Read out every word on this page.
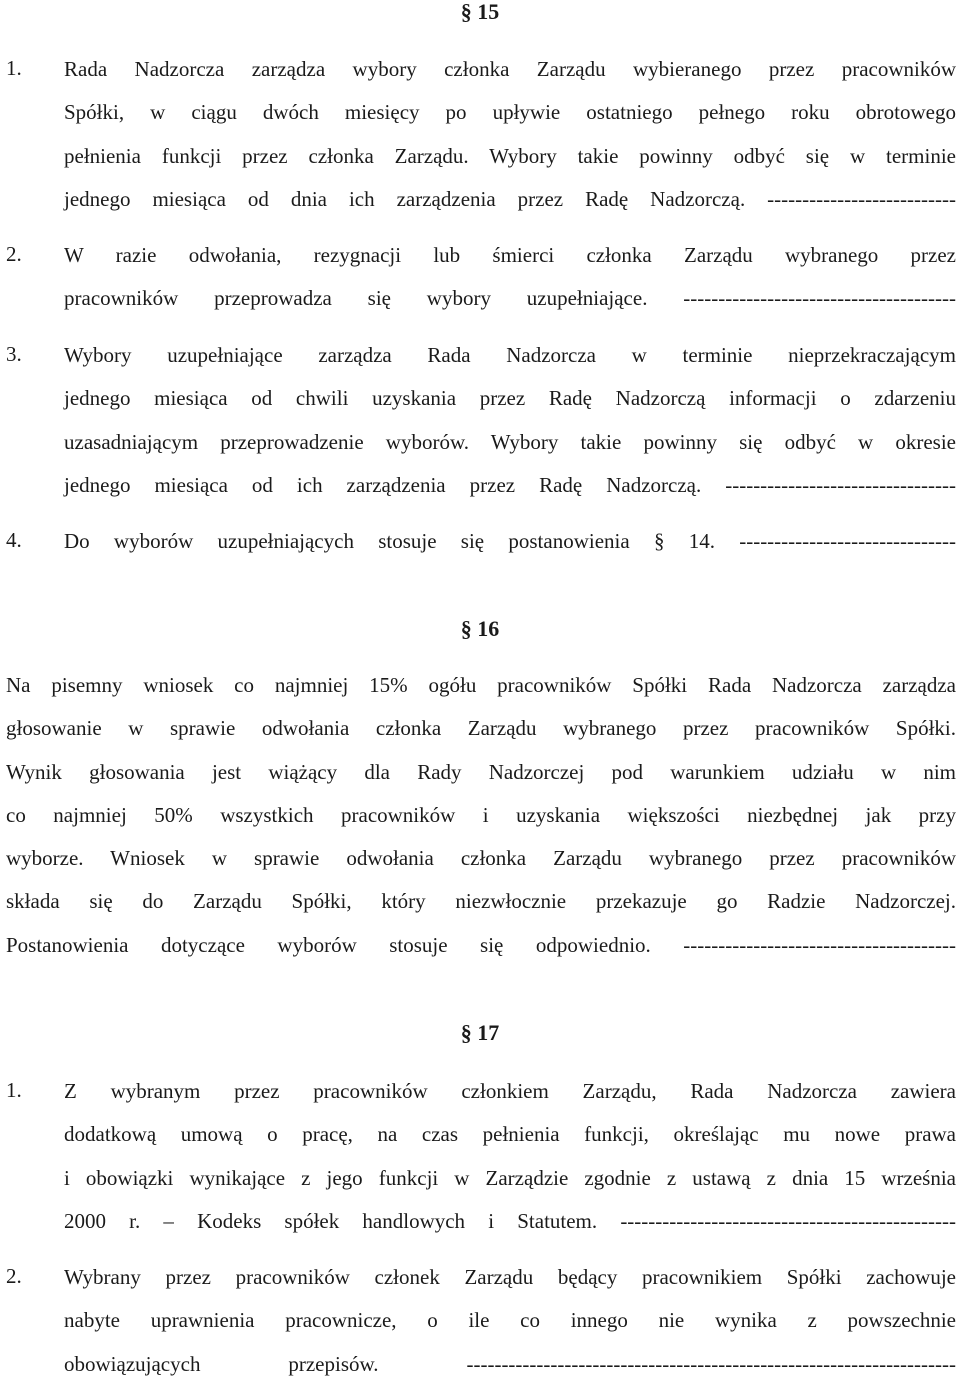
§ 15
1. Rada Nadzorcza zarządza wybory członka Zarządu wybieranego przez pracowników
Spółki, w ciągu dwóch miesięcy po upływie ostatniego pełnego roku obrotowego
pełnienia funkcji przez członka Zarządu. Wybory takie powinny odbyć się w terminie
jednego miesiąca od dnia ich zarządzenia przez Radę Nadzorczą. ---------------------------
2. W razie odwołania, rezygnacji lub śmierci członka Zarządu wybranego przez
pracowników przeprowadza się wybory uzupełniające. ---------------------------------------
3. Wybory uzupełniające zarządza Rada Nadzorcza w terminie nieprzekraczającym
jednego miesiąca od chwili uzyskania przez Radę Nadzorczą informacji o zdarzeniu
uzasadniającym przeprowadzenie wyborów. Wybory takie powinny się odbyć w okresie
jednego miesiąca od ich zarządzenia przez Radę Nadzorczą. ---------------------------------
4. Do wyborów uzupełniających stosuje się postanowienia § 14. -------------------------------
§ 16
Na pisemny wniosek co najmniej 15% ogółu pracowników Spółki Rada Nadzorcza zarządza
głosowanie w sprawie odwołania członka Zarządu wybranego przez pracowników Spółki.
Wynik głosowania jest wiążący dla Rady Nadzorczej pod warunkiem udziału w nim
co najmniej 50% wszystkich pracowników i uzyskania większości niezbędnej jak przy
wyborze. Wniosek w sprawie odwołania członka Zarządu wybranego przez pracowników
składa się do Zarządu Spółki, który niezwłocznie przekazuje go Radzie Nadzorczej.
Postanowienia dotyczące wyborów stosuje się odpowiednio. ---------------------------------------
§ 17
1. Z wybranym przez pracowników członkiem Zarządu, Rada Nadzorcza zawiera
dodatkową umową o pracę, na czas pełnienia funkcji, określając mu nowe prawa
i obowiązki wynikające z jego funkcji w Zarządzie zgodnie z ustawą z dnia 15 września
2000 r. – Kodeks spółek handlowych i Statutem. ------------------------------------------------
2. Wybrany przez pracowników członek Zarządu będący pracownikiem Spółki zachowuje
nabyte uprawnienia pracownicze, o ile co innego nie wynika z powszechnie
obowiązujących przepisów. ----------------------------------------------------------------------
